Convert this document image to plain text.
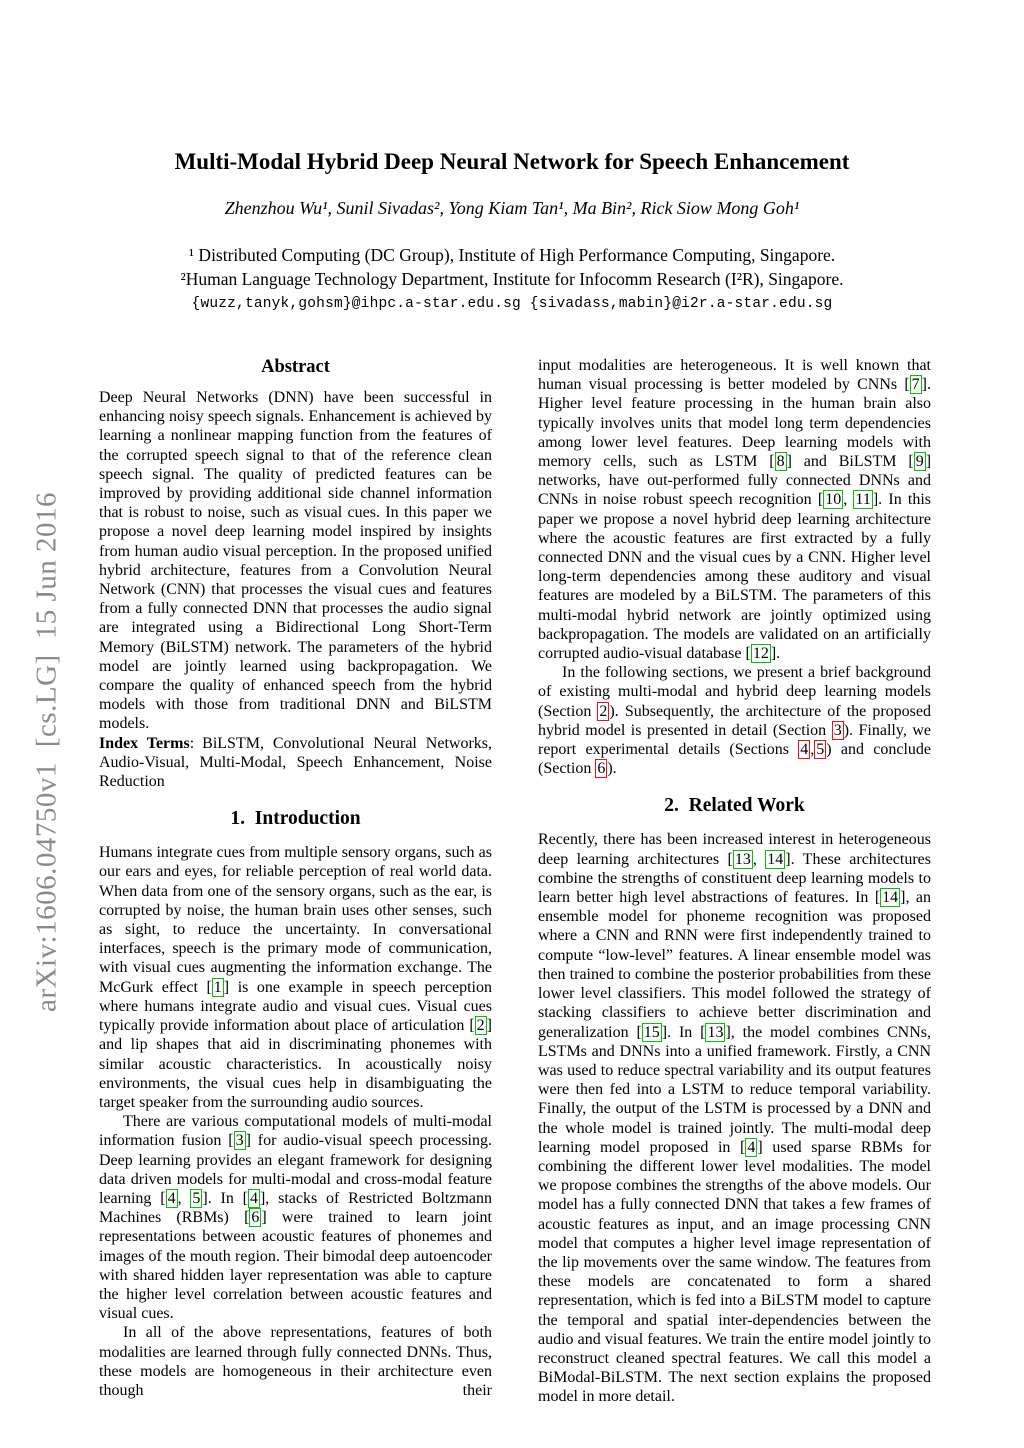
arXiv:1606.04750v1 [cs.LG] 15 Jun 2016
Multi-Modal Hybrid Deep Neural Network for Speech Enhancement
Zhenzhou Wu¹, Sunil Sivadas², Yong Kiam Tan¹, Ma Bin², Rick Siow Mong Goh¹
¹ Distributed Computing (DC Group), Institute of High Performance Computing, Singapore.
²Human Language Technology Department, Institute for Infocomm Research (I²R), Singapore.
{wuzz,tanyk,gohsm}@ihpc.a-star.edu.sg {sivadass,mabin}@i2r.a-star.edu.sg
Abstract

Deep Neural Networks (DNN) have been successful in enhancing noisy speech signals. Enhancement is achieved by learning a nonlinear mapping function from the features of the corrupted speech signal to that of the reference clean speech signal. The quality of predicted features can be improved by providing additional side channel information that is robust to noise, such as visual cues. In this paper we propose a novel deep learning model inspired by insights from human audio visual perception. In the proposed unified hybrid architecture, features from a Convolution Neural Network (CNN) that processes the visual cues and features from a fully connected DNN that processes the audio signal are integrated using a Bidirectional Long Short-Term Memory (BiLSTM) network. The parameters of the hybrid model are jointly learned using backpropagation. We compare the quality of enhanced speech from the hybrid models with those from traditional DNN and BiLSTM models.

Index Terms: BiLSTM, Convolutional Neural Networks, Audio-Visual, Multi-Modal, Speech Enhancement, Noise Reduction

1. Introduction

Humans integrate cues from multiple sensory organs, such as our ears and eyes, for reliable perception of real world data. When data from one of the sensory organs, such as the ear, is corrupted by noise, the human brain uses other senses, such as sight, to reduce the uncertainty. In conversational interfaces, speech is the primary mode of communication, with visual cues augmenting the information exchange. The McGurk effect [ 1 ] is one example in speech perception where humans integrate audio and visual cues. Visual cues typically provide information about place of articulation [ 2 ] and lip shapes that aid in discriminating phonemes with similar acoustic characteristics. In acoustically noisy environments, the visual cues help in disambiguating the target speaker from the surrounding audio sources.

There are various computational models of multi-modal information fusion [ 3 ] for audio-visual speech processing. Deep learning provides an elegant framework for designing data driven models for multi-modal and cross-modal feature learning [ 4 , 5 ]. In [ 4 ], stacks of Restricted Boltzmann Machines (RBMs) [ 6 ] were trained to learn joint representations between acoustic features of phonemes and images of the mouth region. Their bimodal deep autoencoder with shared hidden layer representation was able to capture the higher level correlation between acoustic features and visual cues.

In all of the above representations, features of both modalities are learned through fully connected DNNs. Thus, these models are homogeneous in their architecture even though their

input modalities are heterogeneous. It is well known that human visual processing is better modeled by CNNs [ 7 ]. Higher level feature processing in the human brain also typically involves units that model long term dependencies among lower level features. Deep learning models with memory cells, such as LSTM [ 8 ] and BiLSTM [ 9 ] networks, have out-performed fully connected DNNs and CNNs in noise robust speech recognition [ 10 , 11 ]. In this paper we propose a novel hybrid deep learning architecture where the acoustic features are first extracted by a fully connected DNN and the visual cues by a CNN. Higher level long-term dependencies among these auditory and visual features are modeled by a BiLSTM. The parameters of this multi-modal hybrid network are jointly optimized using backpropagation. The models are validated on an artificially corrupted audio-visual database [ 12 ].

In the following sections, we present a brief background of existing multi-modal and hybrid deep learning models (Section 2 ). Subsequently, the architecture of the proposed hybrid model is presented in detail (Section 3 ). Finally, we report experimental details (Sections 4 , 5 ) and conclude (Section 6 ).

2. Related Work

Recently, there has been increased interest in heterogeneous deep learning architectures [ 13 , 14 ]. These architectures combine the strengths of constituent deep learning models to learn better high level abstractions of features. In [ 14 ], an ensemble model for phoneme recognition was proposed where a CNN and RNN were first independently trained to compute “low-level” features. A linear ensemble model was then trained to combine the posterior probabilities from these lower level classifiers. This model followed the strategy of stacking classifiers to achieve better discrimination and generalization [ 15 ]. In [ 13 ], the model combines CNNs, LSTMs and DNNs into a unified framework. Firstly, a CNN was used to reduce spectral variability and its output features were then fed into a LSTM to reduce temporal variability. Finally, the output of the LSTM is processed by a DNN and the whole model is trained jointly. The multi-modal deep learning model proposed in [ 4 ] used sparse RBMs for combining the different lower level modalities. The model we propose combines the strengths of the above models. Our model has a fully connected DNN that takes a few frames of acoustic features as input, and an image processing CNN model that computes a higher level image representation of the lip movements over the same window. The features from these models are concatenated to form a shared representation, which is fed into a BiLSTM model to capture the temporal and spatial inter-dependencies between the audio and visual features. We train the entire model jointly to reconstruct cleaned spectral features. We call this model a BiModal-BiLSTM. The next section explains the proposed model in more detail.
